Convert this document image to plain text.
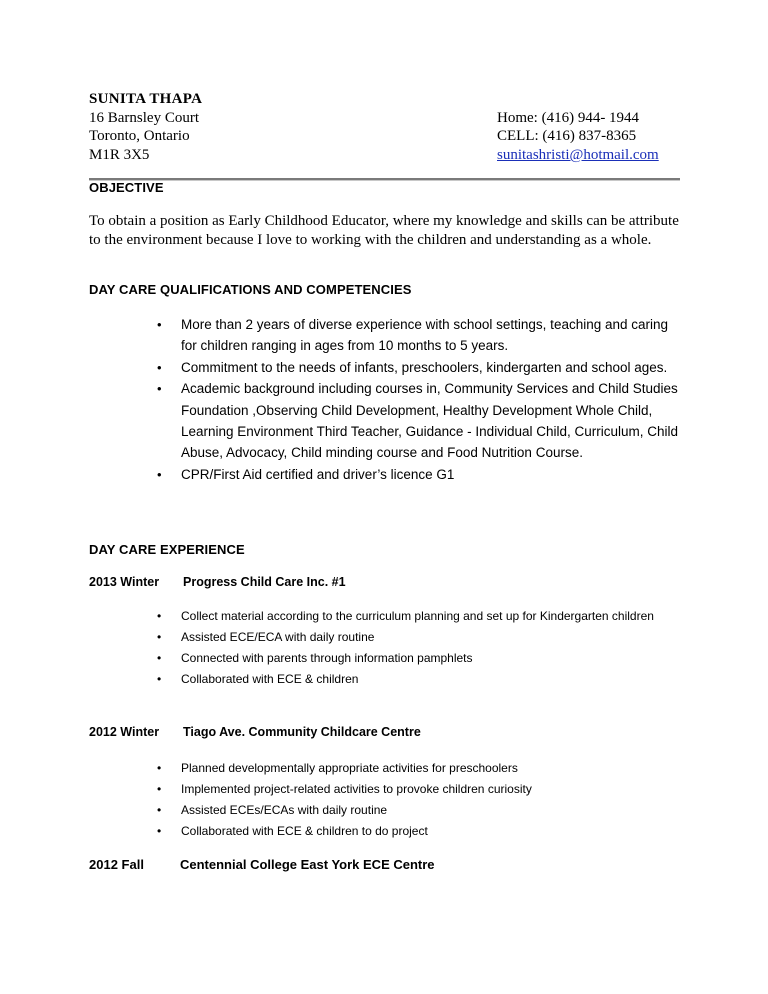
SUNITA THAPA
16 Barnsley Court
Toronto, Ontario
M1R 3X5
Home: (416) 944- 1944
CELL: (416) 837-8365
sunitashristi@hotmail.com
OBJECTIVE
To obtain a position as Early Childhood Educator, where my knowledge and skills can be attribute to the environment because I love to working with the children and understanding as a whole.
DAY CARE QUALIFICATIONS AND COMPETENCIES
• More than 2 years of diverse experience with school settings, teaching and caring for children ranging in ages from 10 months to 5 years.
• Commitment to the needs of infants, preschoolers, kindergarten and school ages.
• Academic background including courses in, Community Services and Child Studies Foundation ,Observing Child Development, Healthy Development Whole Child, Learning Environment Third Teacher, Guidance - Individual Child, Curriculum, Child Abuse, Advocacy, Child minding course and Food Nutrition Course.
• CPR/First Aid certified and driver’s licence G1
DAY CARE EXPERIENCE
2013 Winter Progress Child Care Inc. #1
• Collect material according to the curriculum planning and set up for Kindergarten children
• Assisted ECE/ECA with daily routine
• Connected with parents through information pamphlets
• Collaborated with ECE & children
2012 Winter Tiago Ave. Community Childcare Centre
• Planned developmentally appropriate activities for preschoolers
• Implemented project-related activities to provoke children curiosity
• Assisted ECEs/ECAs with daily routine
• Collaborated with ECE & children to do project
2012 Fall	Centennial College East York ECE Centre
